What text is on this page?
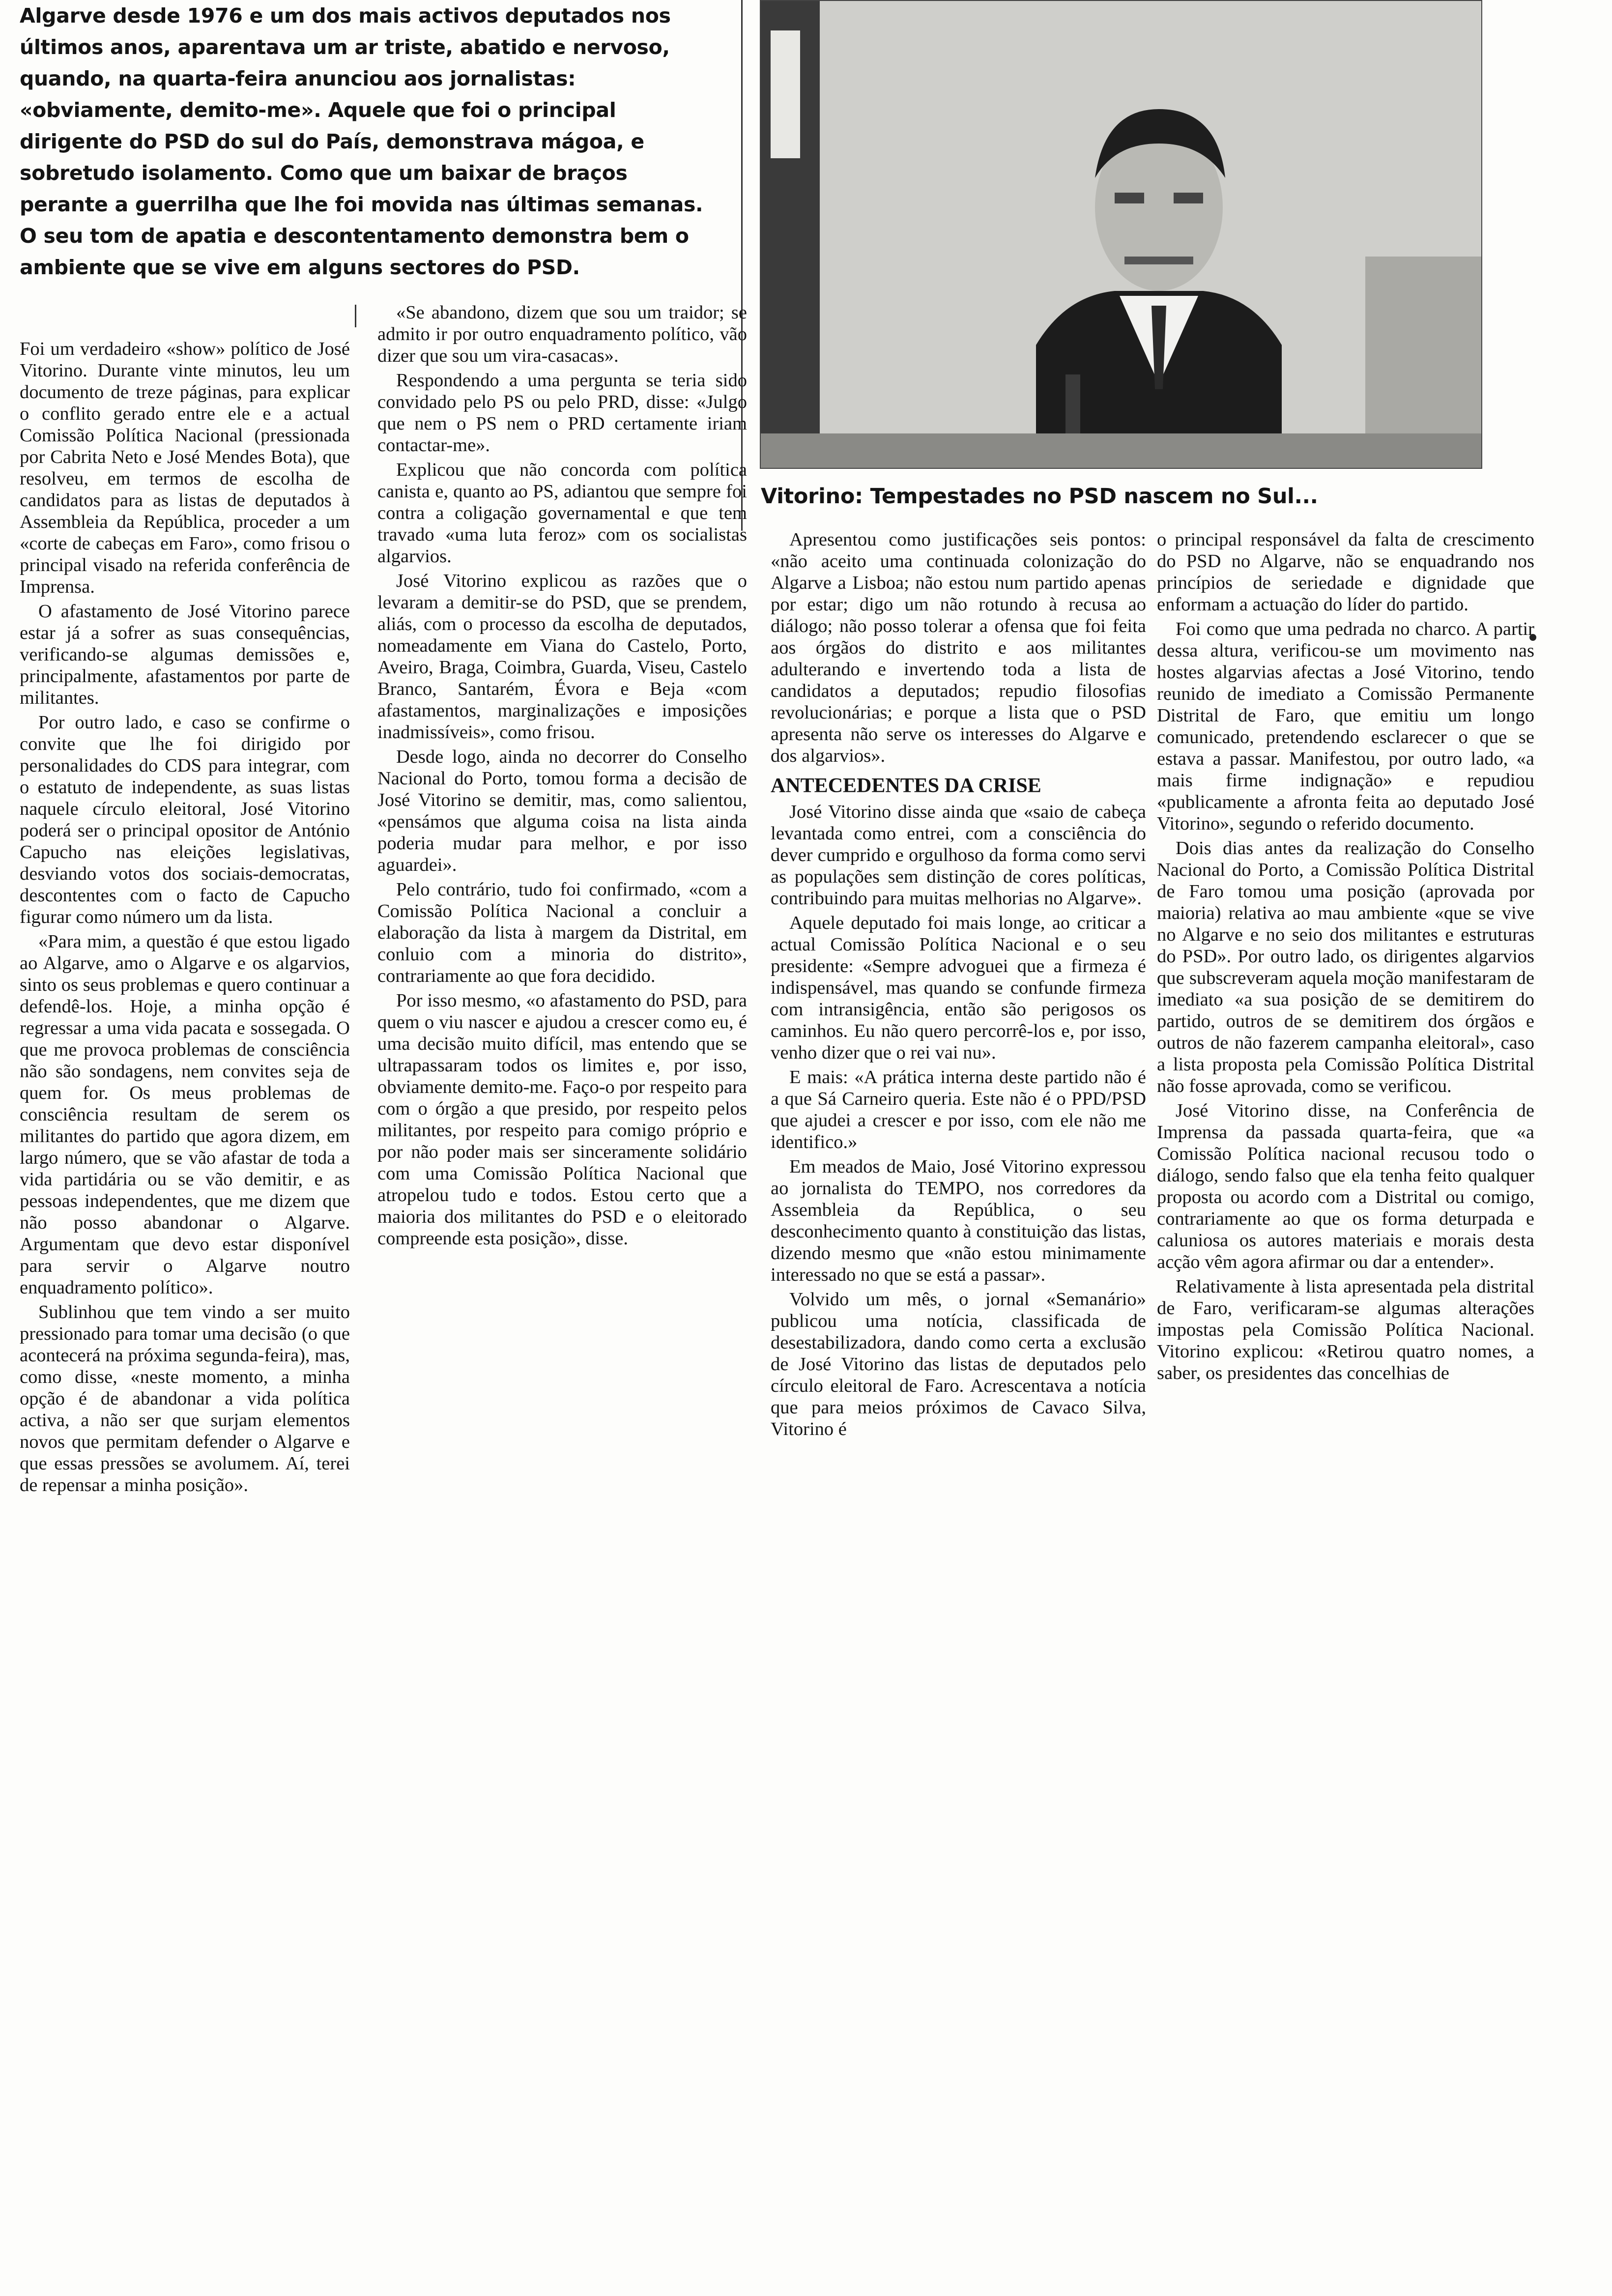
Algarve desde 1976 e um dos mais activos deputados nos últimos anos, aparentava um ar triste, abatido e nervoso, quando, na quarta-feira anunciou aos jornalistas: «obviamente, demito-me». Aquele que foi o principal dirigente do PSD do sul do País, demonstrava mágoa, e sobretudo isolamento. Como que um baixar de braços perante a guerrilha que lhe foi movida nas últimas semanas. O seu tom de apatia e descontentamento demonstra bem o ambiente que se vive em alguns sectores do PSD.

Vitorino: Tempestades no PSD nascem no Sul...

Foi um verdadeiro «show» político de José Vitorino. Durante vinte minutos, leu um documento de treze páginas, para explicar o conflito gerado entre ele e a actual Comissão Política Nacional (pressionada por Cabrita Neto e José Mendes Bota), que resolveu, em termos de escolha de candidatos para as listas de deputados à Assembleia da República, proceder a um «corte de cabeças em Faro», como frisou o principal visado na referida conferência de Imprensa.

O afastamento de José Vitorino parece estar já a sofrer as suas consequências, verificando-se algumas demissões e, principalmente, afastamentos por parte de militantes.

Por outro lado, e caso se confirme o convite que lhe foi dirigido por personalidades do CDS para integrar, com o estatuto de independente, as suas listas naquele círculo eleitoral, José Vitorino poderá ser o principal opositor de António Capucho nas eleições legislativas, desviando votos dos sociais-democratas, descontentes com o facto de Capucho figurar como número um da lista.

«Para mim, a questão é que estou ligado ao Algarve, amo o Algarve e os algarvios, sinto os seus problemas e quero continuar a defendê-los. Hoje, a minha opção é regressar a uma vida pacata e sossegada. O que me provoca problemas de consciência não são sondagens, nem convites seja de quem for. Os meus problemas de consciência resultam de serem os militantes do partido que agora dizem, em largo número, que se vão afastar de toda a vida partidária ou se vão demitir, e as pessoas independentes, que me dizem que não posso abandonar o Algarve. Argumentam que devo estar disponível para servir o Algarve noutro enquadramento político».

Sublinhou que tem vindo a ser muito pressionado para tomar uma decisão (o que acontecerá na próxima segunda-feira), mas, como disse, «neste momento, a minha opção é de abandonar a vida política activa, a não ser que surjam elementos novos que permitam defender o Algarve e que essas pressões se avolumem. Aí, terei de repensar a minha posição».

«Se abandono, dizem que sou um traidor; se admito ir por outro enquadramento político, vão dizer que sou um vira-casacas».

Respondendo a uma pergunta se teria sido convidado pelo PS ou pelo PRD, disse: «Julgo que nem o PS nem o PRD certamente iriam contactar-me».

Explicou que não concorda com política canista e, quanto ao PS, adiantou que sempre foi contra a coligação governamental e que tem travado «uma luta feroz» com os socialistas algarvios.

José Vitorino explicou as razões que o levaram a demitir-se do PSD, que se prendem, aliás, com o processo da escolha de deputados, nomeadamente em Viana do Castelo, Porto, Aveiro, Braga, Coimbra, Guarda, Viseu, Castelo Branco, Santarém, Évora e Beja «com afastamentos, marginalizações e imposições inadmissíveis», como frisou.

Desde logo, ainda no decorrer do Conselho Nacional do Porto, tomou forma a decisão de José Vitorino se demitir, mas, como salientou, «pensámos que alguma coisa na lista ainda poderia mudar para melhor, e por isso aguardei».

Pelo contrário, tudo foi confirmado, «com a Comissão Política Nacional a concluir a elaboração da lista à margem da Distrital, em conluio com a minoria do distrito», contrariamente ao que fora decidido.

Por isso mesmo, «o afastamento do PSD, para quem o viu nascer e ajudou a crescer como eu, é uma decisão muito difícil, mas entendo que se ultrapassaram todos os limites e, por isso, obviamente demito-me. Faço-o por respeito para com o órgão a que presido, por respeito pelos militantes, por respeito para comigo próprio e por não poder mais ser sinceramente solidário com uma Comissão Política Nacional que atropelou tudo e todos. Estou certo que a maioria dos militantes do PSD e o eleitorado compreende esta posição», disse.

Apresentou como justificações seis pontos: «não aceito uma continuada colonização do Algarve a Lisboa; não estou num partido apenas por estar; digo um não rotundo à recusa ao diálogo; não posso tolerar a ofensa que foi feita aos órgãos do distrito e aos militantes adulterando e invertendo toda a lista de candidatos a deputados; repudio filosofias revolucionárias; e porque a lista que o PSD apresenta não serve os interesses do Algarve e dos algarvios».

ANTECEDENTES DA CRISE

José Vitorino disse ainda que «saio de cabeça levantada como entrei, com a consciência do dever cumprido e orgulhoso da forma como servi as populações sem distinção de cores políticas, contribuindo para muitas melhorias no Algarve».

Aquele deputado foi mais longe, ao criticar a actual Comissão Política Nacional e o seu presidente: «Sempre advoguei que a firmeza é indispensável, mas quando se confunde firmeza com intransigência, então são perigosos os caminhos. Eu não quero percorrê-los e, por isso, venho dizer que o rei vai nu».

E mais: «A prática interna deste partido não é a que Sá Carneiro queria. Este não é o PPD/PSD que ajudei a crescer e por isso, com ele não me identifico.»

Em meados de Maio, José Vitorino expressou ao jornalista do TEMPO, nos corredores da Assembleia da República, o seu desconhecimento quanto à constituição das listas, dizendo mesmo que «não estou minimamente interessado no que se está a passar».

Volvido um mês, o jornal «Semanário» publicou uma notícia, classificada de desestabilizadora, dando como certa a exclusão de José Vitorino das listas de deputados pelo círculo eleitoral de Faro. Acrescentava a notícia que para meios próximos de Cavaco Silva, Vitorino é

o principal responsável da falta de crescimento do PSD no Algarve, não se enquadrando nos princípios de seriedade e dignidade que enformam a actuação do líder do partido.

Foi como que uma pedrada no charco. A partir dessa altura, verificou-se um movimento nas hostes algarvias afectas a José Vitorino, tendo reunido de imediato a Comissão Permanente Distrital de Faro, que emitiu um longo comunicado, pretendendo esclarecer o que se estava a passar. Manifestou, por outro lado, «a mais firme indignação» e repudiou «publicamente a afronta feita ao deputado José Vitorino», segundo o referido documento.

Dois dias antes da realização do Conselho Nacional do Porto, a Comissão Política Distrital de Faro tomou uma posição (aprovada por maioria) relativa ao mau ambiente «que se vive no Algarve e no seio dos militantes e estruturas do PSD». Por outro lado, os dirigentes algarvios que subscreveram aquela moção manifestaram de imediato «a sua posição de se demitirem do partido, outros de se demitirem dos órgãos e outros de não fazerem campanha eleitoral», caso a lista proposta pela Comissão Política Distrital não fosse aprovada, como se verificou.

José Vitorino disse, na Conferência de Imprensa da passada quarta-feira, que «a Comissão Política nacional recusou todo o diálogo, sendo falso que ela tenha feito qualquer proposta ou acordo com a Distrital ou comigo, contrariamente ao que os forma deturpada e caluniosa os autores materiais e morais desta acção vêm agora afirmar ou dar a entender».

Relativamente à lista apresentada pela distrital de Faro, verificaram-se algumas alterações impostas pela Comissão Política Nacional. Vitorino explicou: «Retirou quatro nomes, a saber, os presidentes das concelhias de
